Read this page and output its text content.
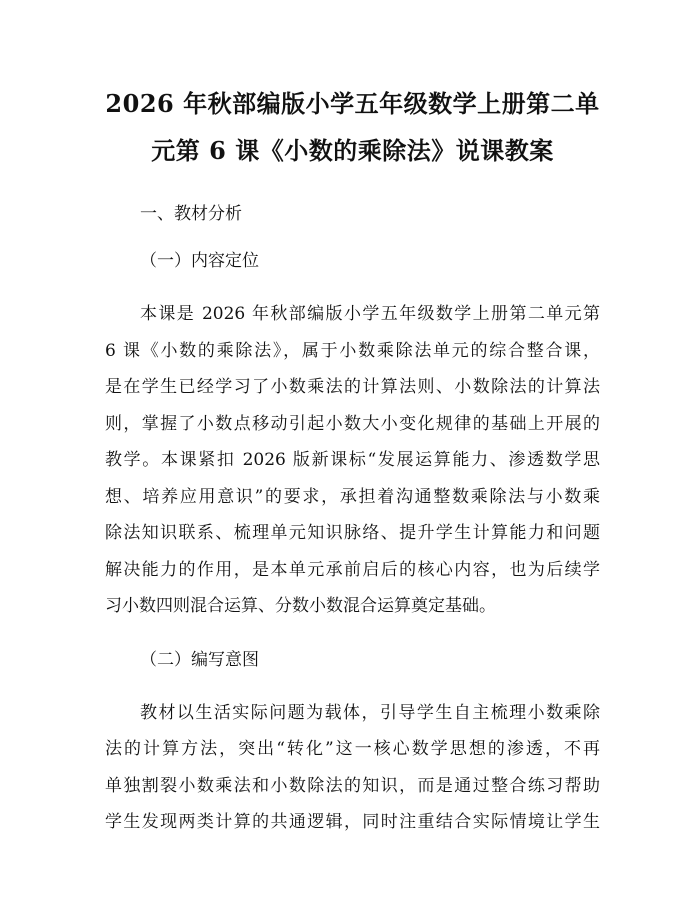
2026 年秋部编版小学五年级数学上册第二单
元第 6 课《小数的乘除法》说课教案

一、教材分析

（一）内容定位

本课是 2026 年秋部编版小学五年级数学上册第二单元第
6 课《小数的乘除法》，属于小数乘除法单元的综合整合课，
是在学生已经学习了小数乘法的计算法则、小数除法的计算法
则，掌握了小数点移动引起小数大小变化规律的基础上开展的
教学。本课紧扣 2026 版新课标“发展运算能力、渗透数学思
想、培养应用意识”的要求，承担着沟通整数乘除法与小数乘
除法知识联系、梳理单元知识脉络、提升学生计算能力和问题
解决能力的作用，是本单元承前启后的核心内容，也为后续学
习小数四则混合运算、分数小数混合运算奠定基础。

（二）编写意图

教材以生活实际问题为载体，引导学生自主梳理小数乘除
法的计算方法，突出“转化”这一核心数学思想的渗透，不再
单独割裂小数乘法和小数除法的知识，而是通过整合练习帮助
学生发现两类计算的共通逻辑，同时注重结合实际情境让学生
